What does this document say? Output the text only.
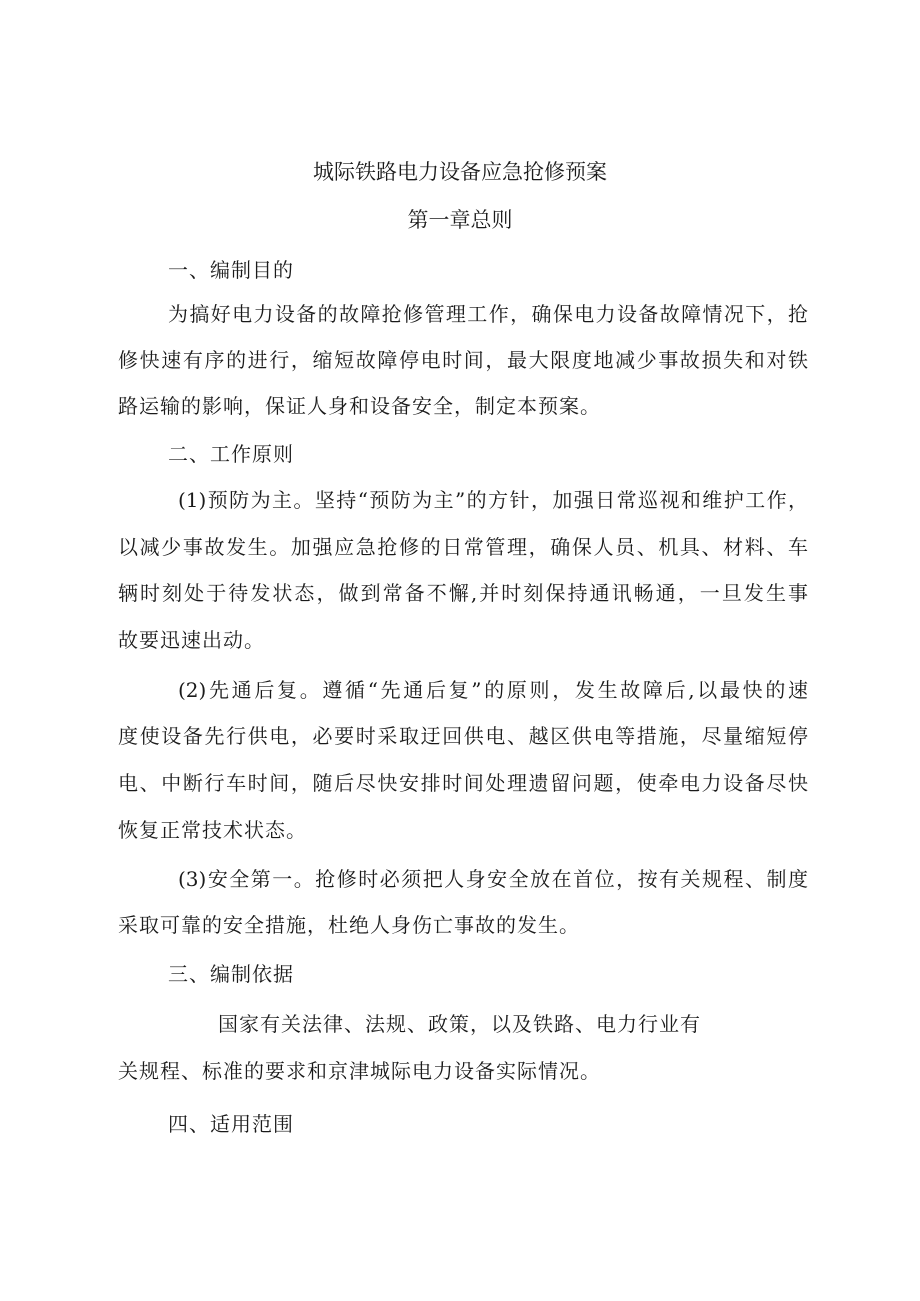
城际铁路电力设备应急抢修预案
第一章总则
一、编制目的
为搞好电力设备的故障抢修管理工作，确保电力设备故障情况下，抢
修快速有序的进行，缩短故障停电时间，最大限度地减少事故损失和对铁
路运输的影响，保证人身和设备安全，制定本预案。
二、工作原则
(1)预防为主。坚持“预防为主”的方针，加强日常巡视和维护工作，
以减少事故发生。加强应急抢修的日常管理，确保人员、机具、材料、车
辆时刻处于待发状态，做到常备不懈,并时刻保持通讯畅通，一旦发生事
故要迅速出动。
(2)先通后复。遵循“先通后复”的原则，发生故障后,以最快的速
度使设备先行供电，必要时采取迂回供电、越区供电等措施，尽量缩短停
电、中断行车时间，随后尽快安排时间处理遗留问题，使牵电力设备尽快
恢复正常技术状态。
(3)安全第一。抢修时必须把人身安全放在首位，按有关规程、制度
采取可靠的安全措施，杜绝人身伤亡事故的发生。
三、编制依据
国家有关法律、法规、政策，以及铁路、电力行业有
关规程、标准的要求和京津城际电力设备实际情况。
四、适用范围
